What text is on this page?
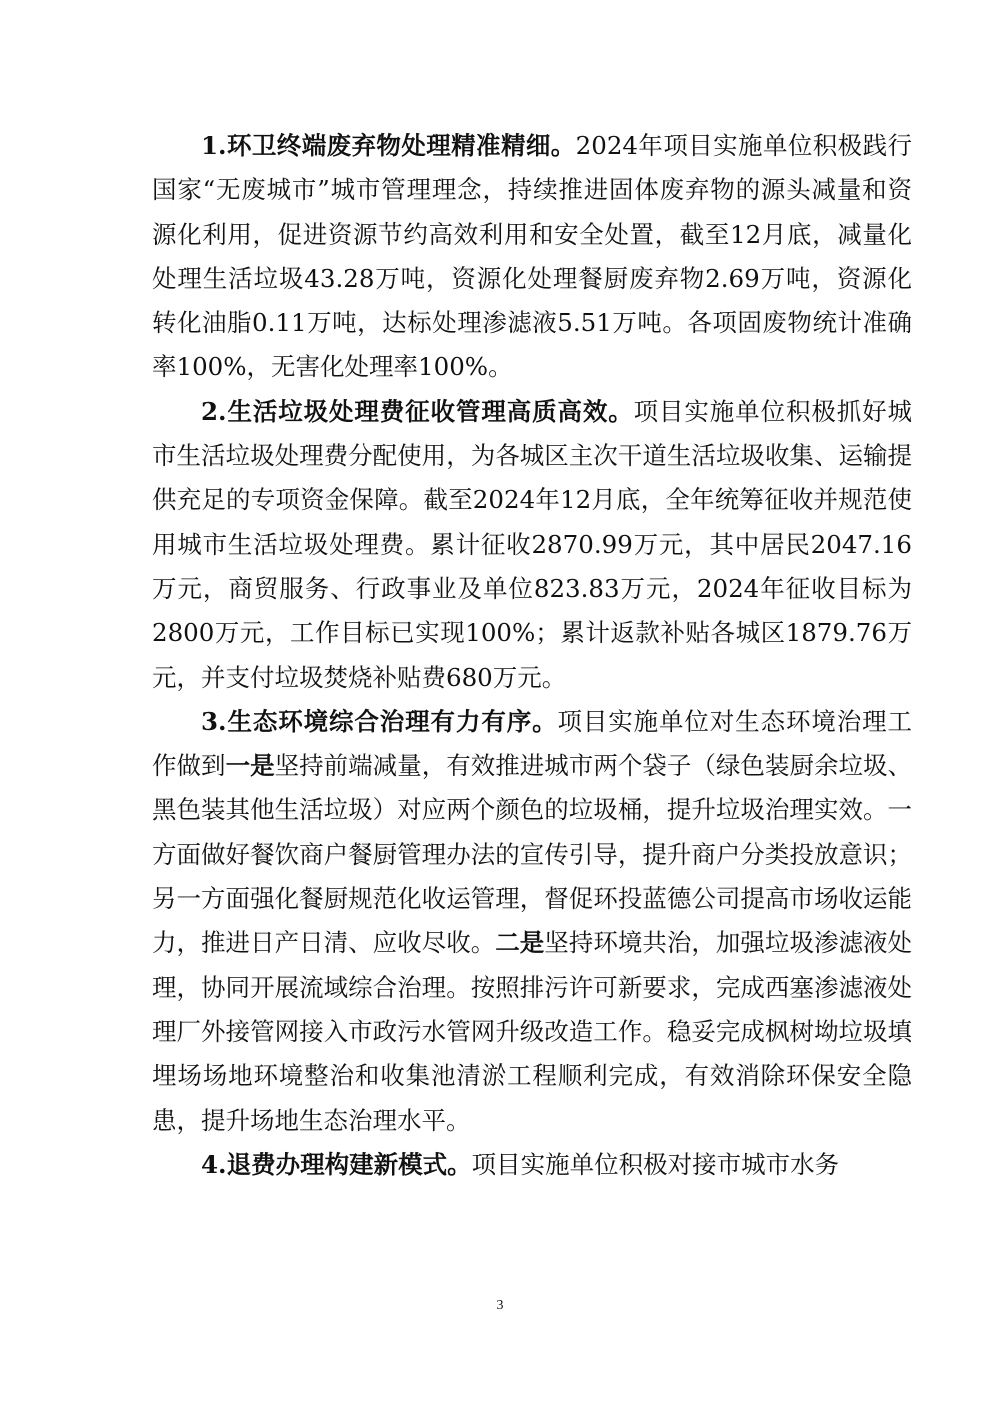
1.环卫终端废弃物处理精准精细。2024年项目实施单位积极践行国家“无废城市”城市管理理念，持续推进固体废弃物的源头减量和资源化利用，促进资源节约高效利用和安全处置，截至12月底，减量化处理生活垃圾43.28万吨，资源化处理餐厨废弃物2.69万吨，资源化转化油脂0.11万吨，达标处理渗滤液5.51万吨。各项固废物统计准确率100%，无害化处理率100%。

2.生活垃圾处理费征收管理高质高效。项目实施单位积极抓好城市生活垃圾处理费分配使用，为各城区主次干道生活垃圾收集、运输提供充足的专项资金保障。截至2024年12月底，全年统筹征收并规范使用城市生活垃圾处理费。累计征收2870.99万元，其中居民2047.16万元，商贸服务、行政事业及单位823.83万元，2024年征收目标为2800万元，工作目标已实现100%；累计返款补贴各城区1879.76万元，并支付垃圾焚烧补贴费680万元。

3.生态环境综合治理有力有序。项目实施单位对生态环境治理工作做到一是坚持前端减量，有效推进城市两个袋子（绿色装厨余垃圾、黑色装其他生活垃圾）对应两个颜色的垃圾桶，提升垃圾治理实效。一方面做好餐饮商户餐厨管理办法的宣传引导，提升商户分类投放意识；另一方面强化餐厨规范化收运管理，督促环投蓝德公司提高市场收运能力，推进日产日清、应收尽收。二是坚持环境共治，加强垃圾渗滤液处理，协同开展流域综合治理。按照排污许可新要求，完成西塞渗滤液处理厂外接管网接入市政污水管网升级改造工作。稳妥完成枫树坳垃圾填埋场场地环境整治和收集池清淤工程顺利完成，有效消除环保安全隐患，提升场地生态治理水平。

4.退费办理构建新模式。项目实施单位积极对接市城市水务

3
